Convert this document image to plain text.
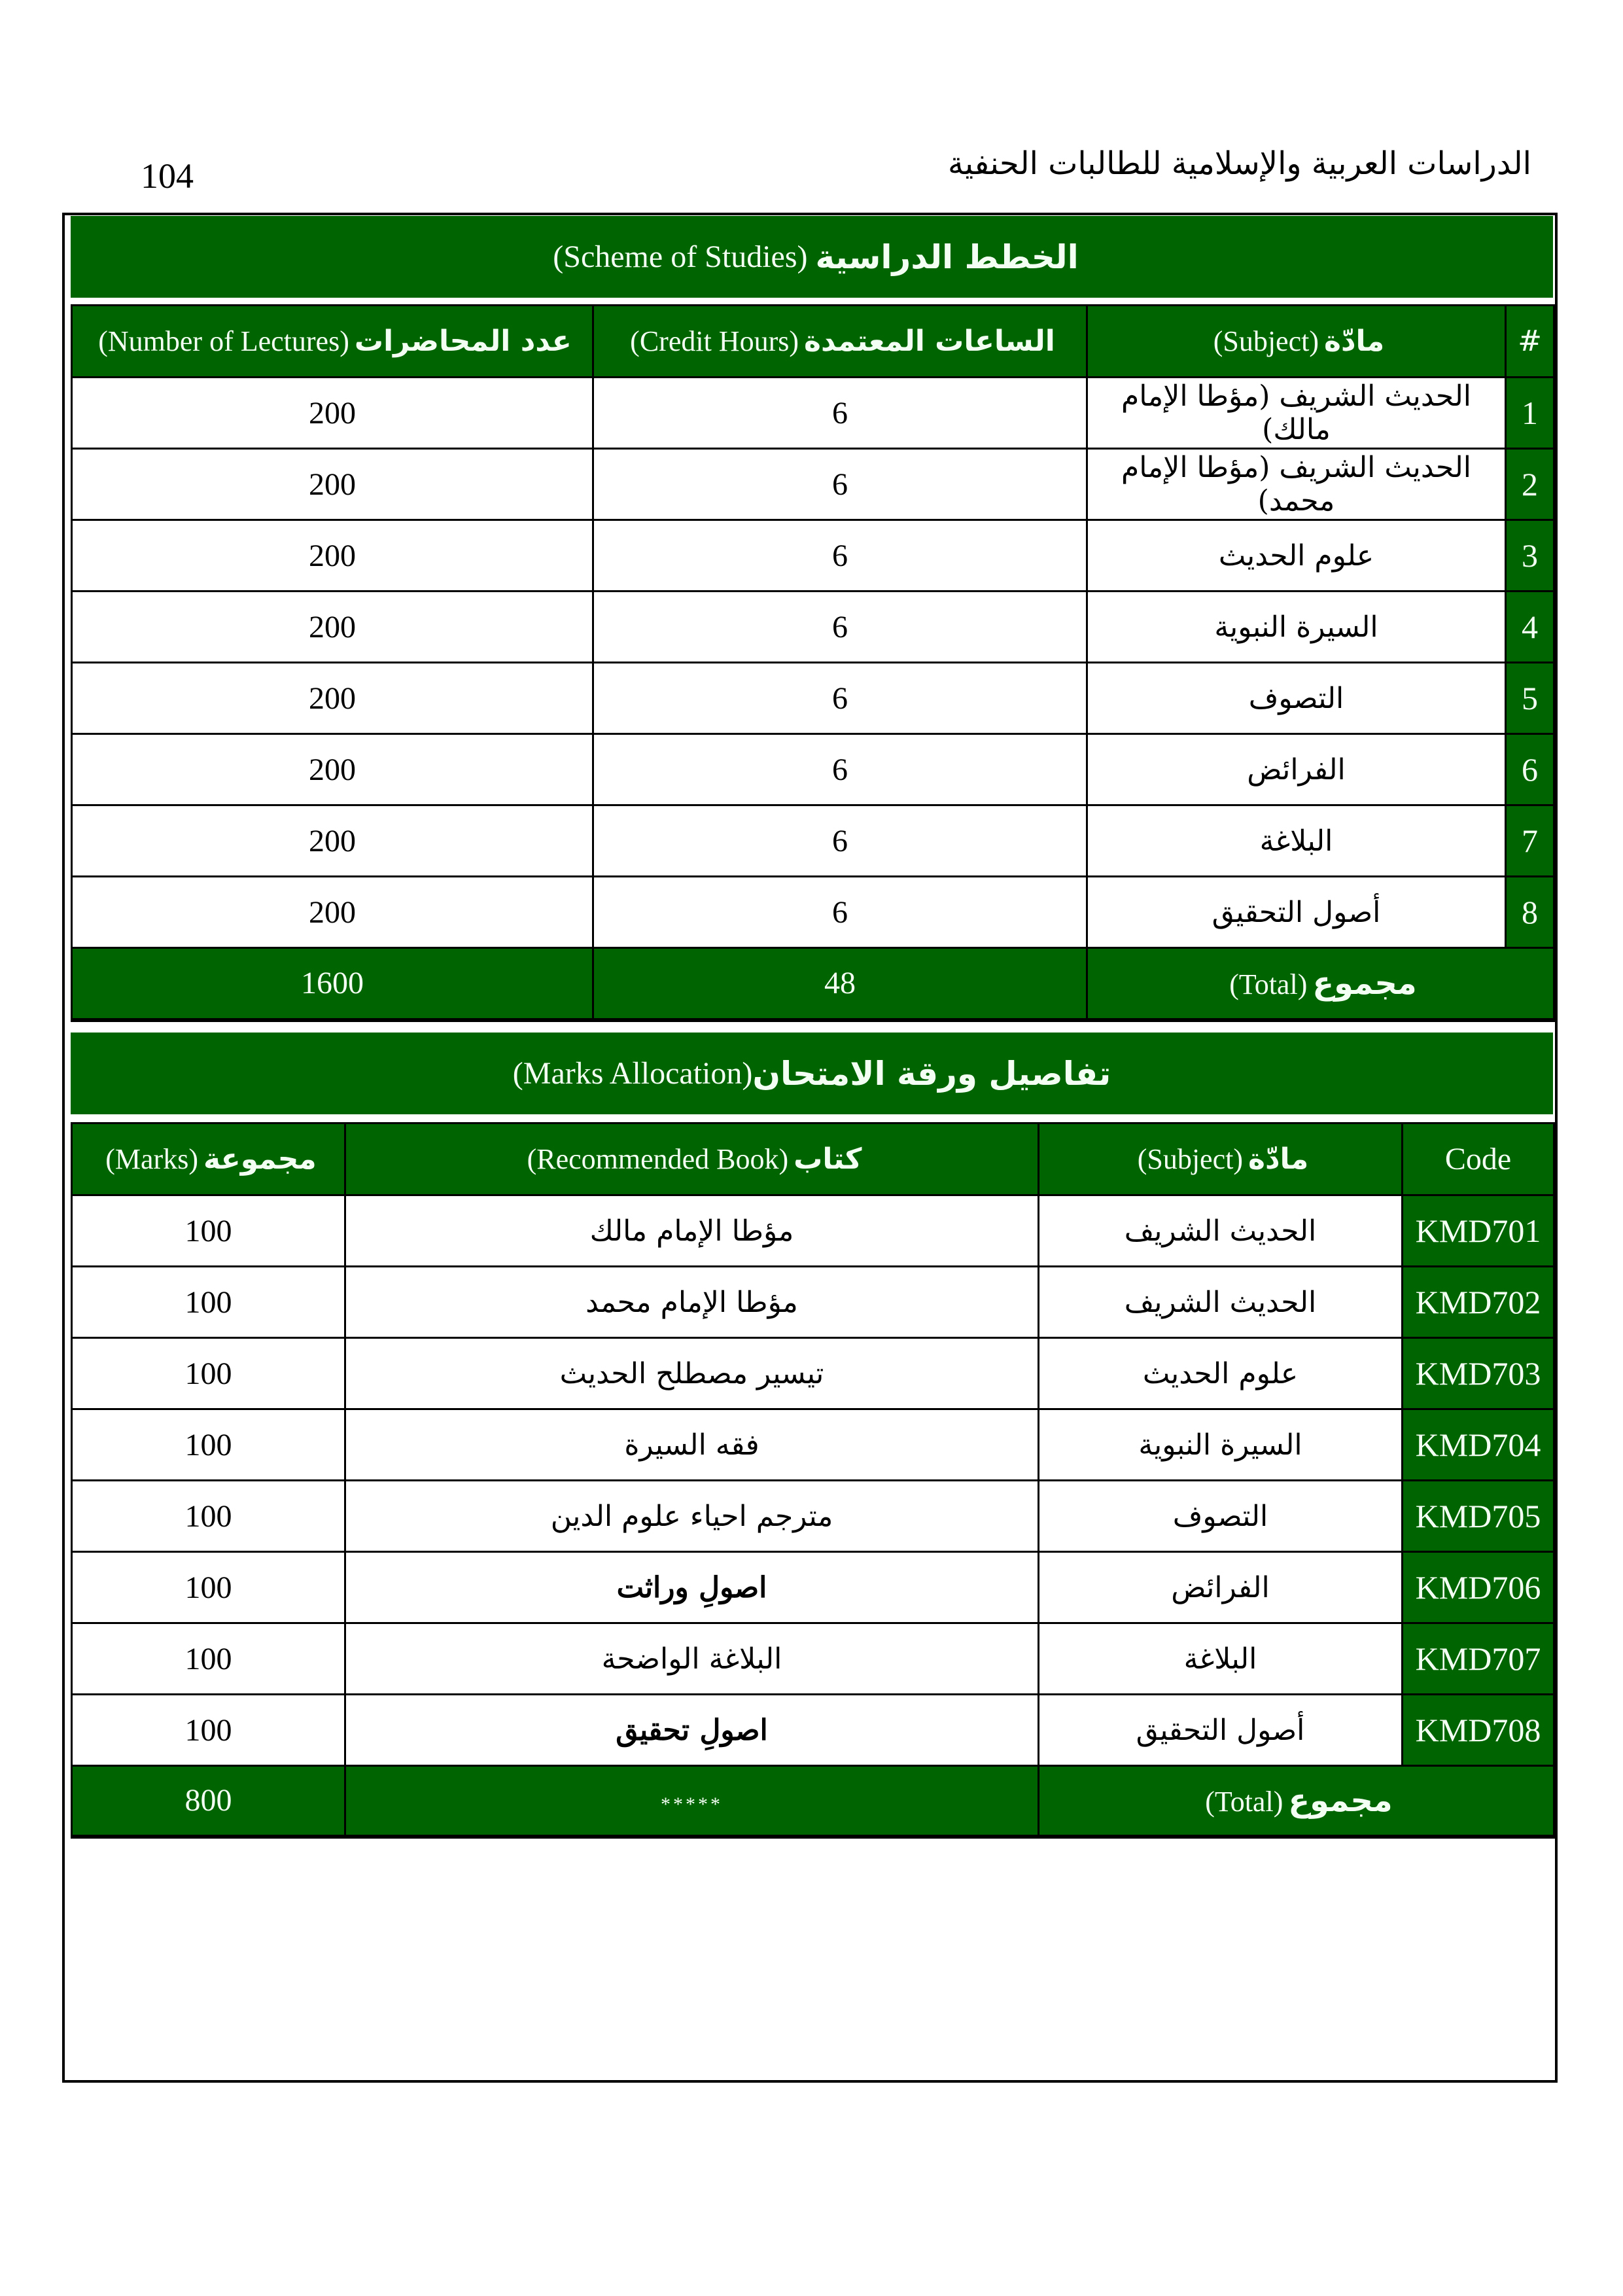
104	الدراسات العربية والإسلامية للطالبات الحنفية
الخطط الدراسية
(Scheme of Studies)
#	مادّة(Subject)	الساعات المعتمدة(Credit Hours)	عدد المحاضرات(Number of Lectures)
1	الحديث الشريف (مؤطا الإمام مالك)	6	200
2	الحديث الشريف (مؤطا الإمام محمد)	6	200
3	علوم الحديث	6	200
4	السيرة النبوية	6	200
5	التصوف	6	200
6	الفرائض	6	200
7	البلاغة	6	200
8	أصول التحقيق	6	200
مجموع(Total)		48	1600
تفاصيل ورقة الامتحان
(Marks Allocation)
Code	مادّة(Subject)	كتاب(Recommended Book)	مجموعة(Marks)
KMD701	الحديث الشريف	مؤطا الإمام مالك	100
KMD702	الحديث الشريف	مؤطا الإمام محمد	100
KMD703	علوم الحديث	تيسير مصطلح الحديث	100
KMD704	السيرة النبوية	فقه السيرة	100
KMD705	التصوف	مترجم احياء علوم الدين	100
KMD706	الفرائض	اصولِ وراثت	100
KMD707	البلاغة	البلاغة الواضحة	100
KMD708	أصول التحقيق	اصولِ تحقیق	100
مجموع(Total)		*****	800
